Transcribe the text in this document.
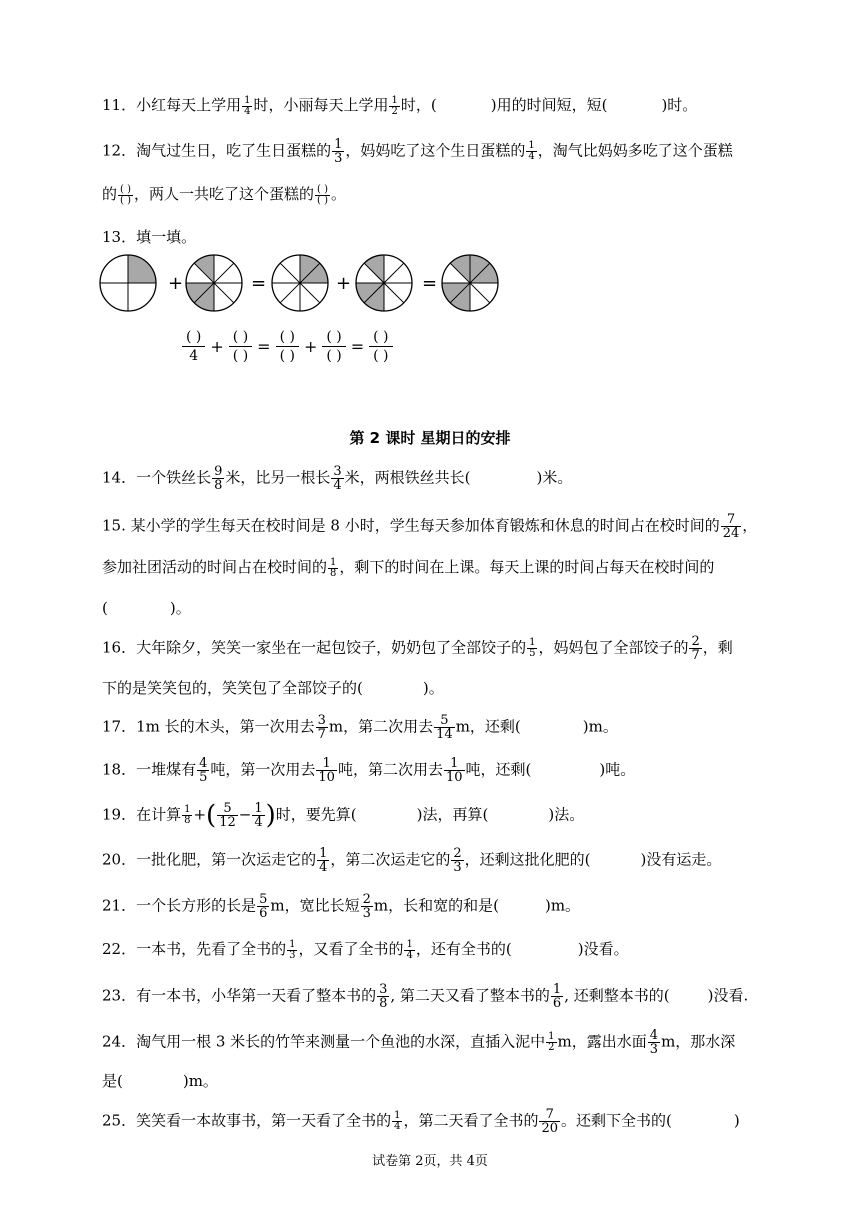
11．小红每天上学用 $\frac{1}{4}$ 时，小丽每天上学用 $\frac{1}{2}$ 时，(	)用的时间短，短(	)时。
12．淘气过生日，吃了生日蛋糕的 $\frac{1}{3}$ ，妈妈吃了这个生日蛋糕的 $\frac{1}{4}$ ，淘气比妈妈多吃了这个蛋糕
的 $\frac{( )}{( )}$ ，两人一共吃了这个蛋糕的 $\frac{( )}{( )}$ 。
13．填一填。
+	=	+	=
( )
4 + ( )
( ) = ( )
( ) + ( )
( ) = ( )
( )
第 2 课时 星期日的安排
14．一个铁丝长 $\frac{9}{8}$ 米，比另一根长 $\frac{3}{4}$ 米，两根铁丝共长(	)米。
15. 某小学的学生每天在校时间是 8 小时，学生每天参加体育锻炼和休息的时间占在校时间的 $\frac{7}{24}$ ，
参加社团活动的时间占在校时间的 $\frac{1}{8}$ ，剩下的时间在上课。每天上课的时间占每天在校时间的
(	)。
16．大年除夕，笑笑一家坐在一起包饺子，奶奶包了全部饺子的 $\frac{1}{5}$ ，妈妈包了全部饺子的 $\frac{2}{7}$ ，剩
下的是笑笑包的，笑笑包了全部饺子的(	)。
17．1m 长的木头，第一次用去 $\frac{3}{7}$ m，第二次用去 $\frac{5}{14}$ m，还剩(	)m。
18．一堆煤有 $\frac{4}{5}$ 吨，第一次用去 $\frac{1}{10}$ 吨，第二次用去 $\frac{1}{10}$ 吨，还剩(	)吨。
19．在计算 $\frac{1}{8}$ +( $\frac{5}{12} - \frac{1}{4}$ )时，要先算(	)法，再算(	)法。
20．一批化肥，第一次运走它的 $\frac{1}{4}$ ，第二次运走它的 $\frac{2}{3}$ ，还剩这批化肥的(	)没有运走。
21．一个长方形的长是 $\frac{5}{6}$ m，宽比长短 $\frac{2}{3}$ m，长和宽的和是(	)m。
22．一本书，先看了全书的 $\frac{1}{3}$ ，又看了全书的 $\frac{1}{4}$ ，还有全书的(	)没看。
23．有一本书，小华第一天看了整本书的 $\frac{3}{8}$ , 第二天又看了整本书的 $\frac{1}{6}$ , 还剩整本书的(	)没看.
24．淘气用一根 3 米长的竹竿来测量一个鱼池的水深，直插入泥中 $\frac{1}{2}$ m，露出水面 $\frac{4}{3}$ m，那水深
是(	)m。
25．笑笑看一本故事书，第一天看了全书的 $\frac{1}{4}$ ，第二天看了全书的 $\frac{7}{20}$ 。还剩下全书的(	)
试卷第 2页，共 4页
